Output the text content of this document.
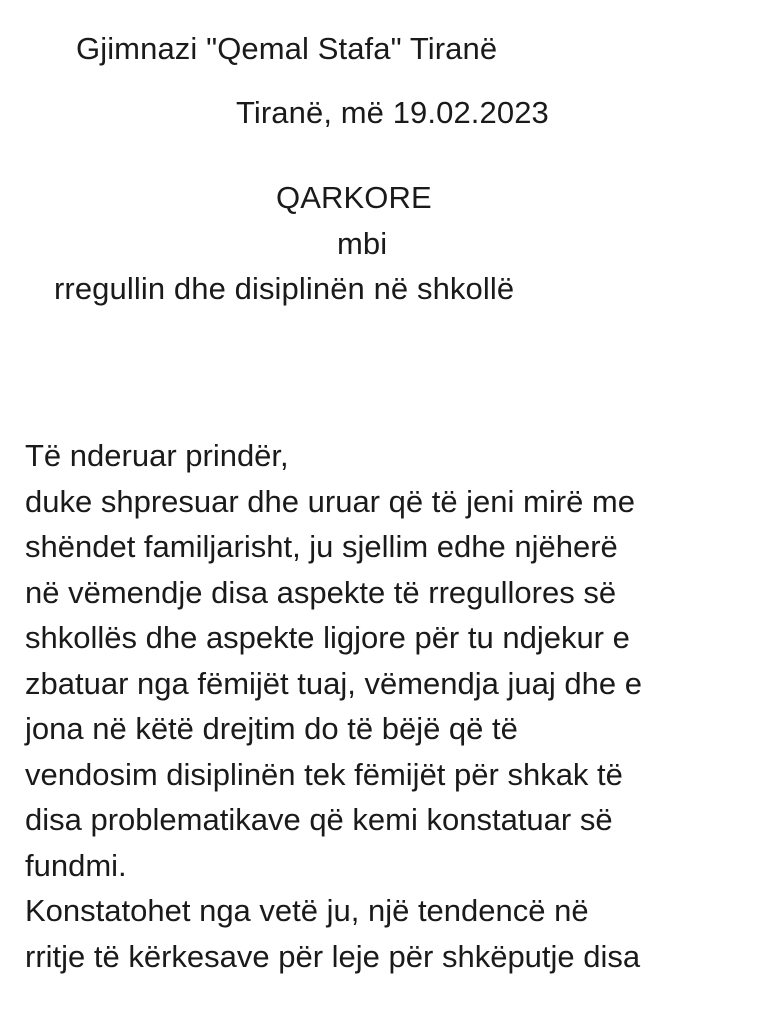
Gjimnazi "Qemal Stafa" Tiranë

Tiranë, më 19.02.2023

QARKORE

mbi

rregullin dhe disiplinën në shkollë

Të nderuar prindër,
duke shpresuar dhe uruar që të jeni mirë me
shëndet familjarisht, ju sjellim edhe njëherë
në vëmendje disa aspekte të rregullores së
shkollës dhe aspekte ligjore për tu ndjekur e
zbatuar nga fëmijët tuaj, vëmendja juaj dhe e
jona në këtë drejtim do të bëjë që të
vendosim disiplinën tek fëmijët për shkak të
disa problematikave që kemi konstatuar së
fundmi.
Konstatohet nga vetë ju, një tendencë në
rritje të kërkesave për leje për shkëputje disa
